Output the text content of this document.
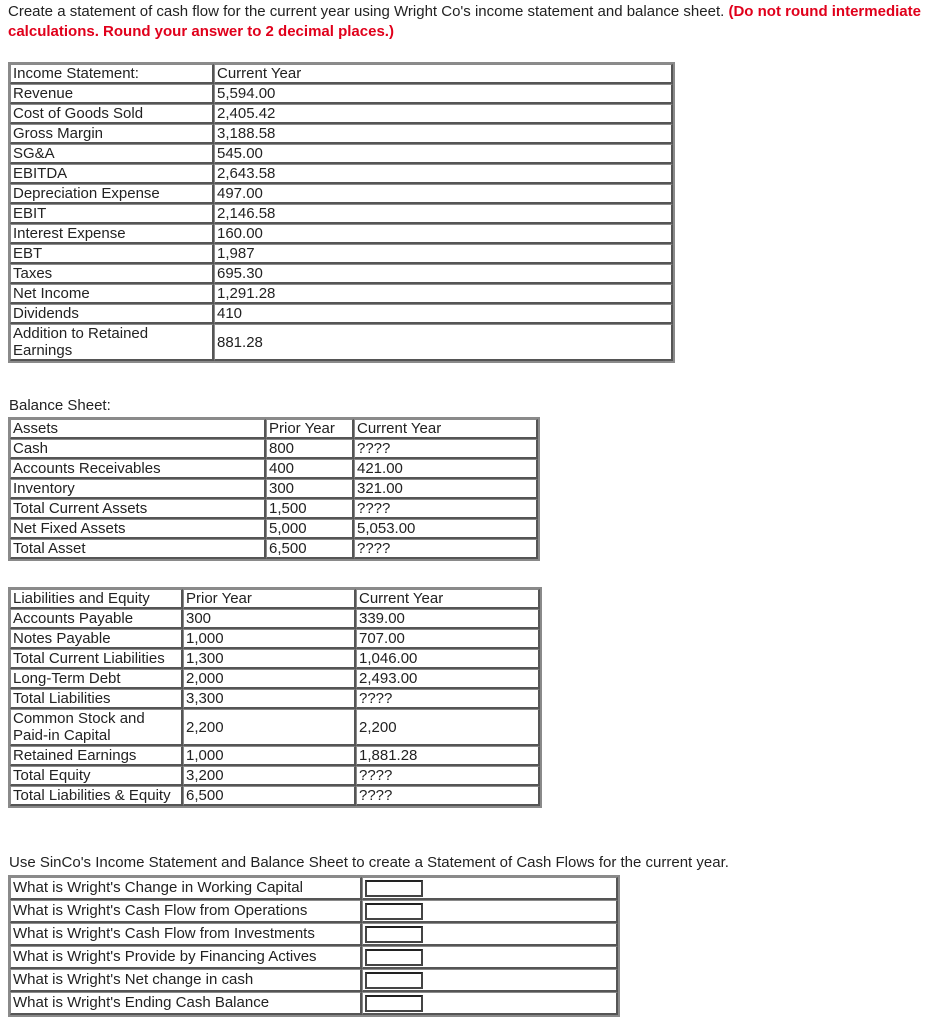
Create a statement of cash flow for the current year using Wright Co's income statement and balance sheet. (Do not round intermediate calculations. Round your answer to 2 decimal places.)
Income Statement:	Current Year
Revenue	5,594.00
Cost of Goods Sold	2,405.42
Gross Margin	3,188.58
SG&A	545.00
EBITDA	2,643.58
Depreciation Expense	497.00
EBIT	2,146.58
Interest Expense	160.00
EBT	1,987
Taxes	695.30
Net Income	1,291.28
Dividends	410
Addition to Retained Earnings	881.28
Balance Sheet:
Assets	Prior Year	Current Year
Cash	800	????
Accounts Receivables	400	421.00
Inventory	300	321.00
Total Current Assets	1,500	????
Net Fixed Assets	5,000	5,053.00
Total Asset	6,500	????
Liabilities and Equity	Prior Year	Current Year
Accounts Payable	300	339.00
Notes Payable	1,000	707.00
Total Current Liabilities	1,300	1,046.00
Long-Term Debt	2,000	2,493.00
Total Liabilities	3,300	????
Common Stock and Paid-in Capital	2,200	2,200
Retained Earnings	1,000	1,881.28
Total Equity	3,200	????
Total Liabilities & Equity	6,500	????
Use SinCo's Income Statement and Balance Sheet to create a Statement of Cash Flows for the current year.
What is Wright's Change in Working Capital	
What is Wright's Cash Flow from Operations	
What is Wright's Cash Flow from Investments	
What is Wright's Provide by Financing Actives	
What is Wright's Net change in cash	
What is Wright's Ending Cash Balance	
